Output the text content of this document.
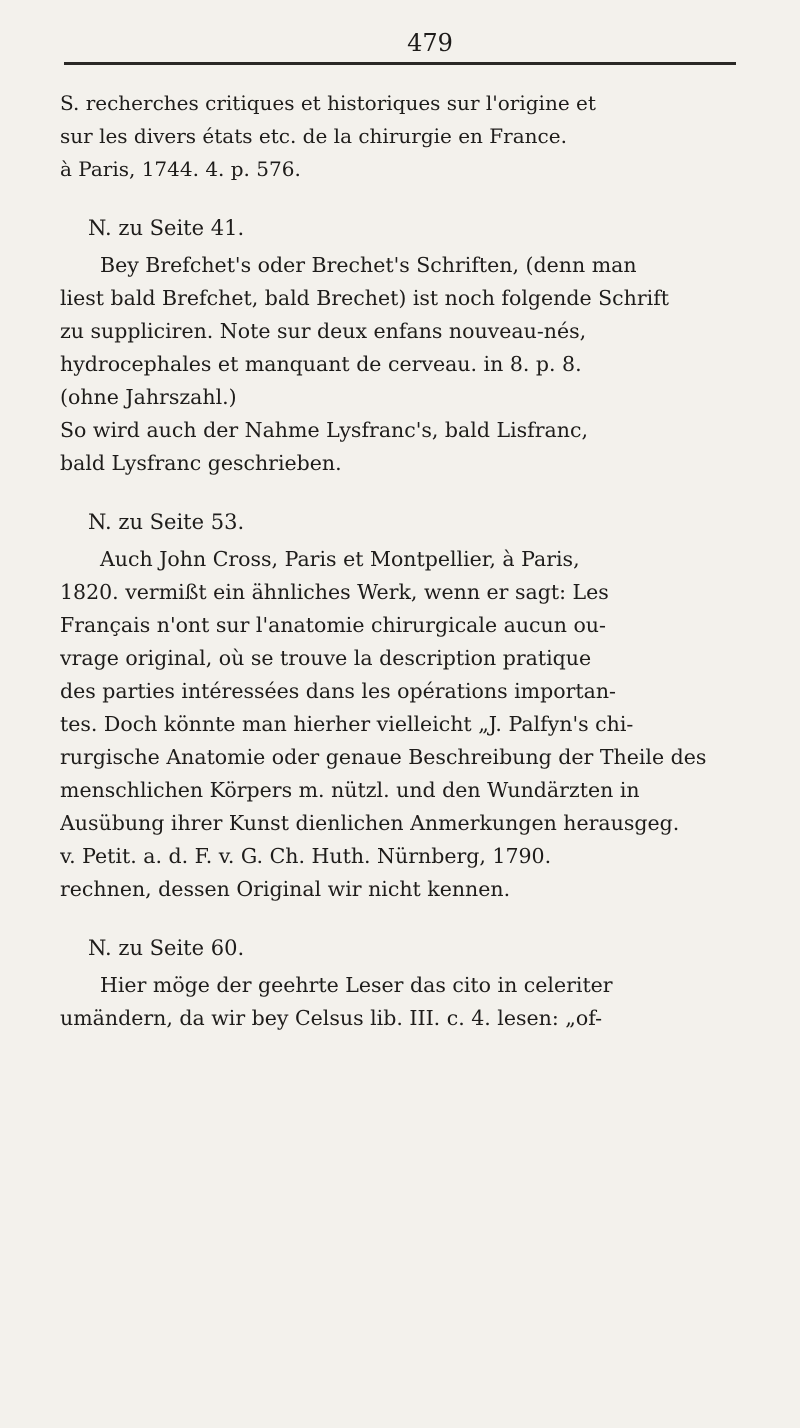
479
S. recherches critiques et historiques sur l'origine et
sur les divers états etc. de la chirurgie en France.
à Paris, 1744. 4. p. 576.
N. zu Seite 41.
Bey Brefchet's oder Brechet's Schriften, (denn man
liest bald Brefchet, bald Brechet) ist noch folgende Schrift
zu suppliciren. Note sur deux enfans nouveau-nés,
hydrocephales et manquant de cerveau. in 8. p. 8.
(ohne Jahrszahl.)
So wird auch der Nahme Lysfranc's, bald Lisfranc,
bald Lysfranc geschrieben.
N. zu Seite 53.
Auch John Cross, Paris et Montpellier, à Paris,
1820. vermißt ein ähnliches Werk, wenn er sagt: Les
Français n'ont sur l'anatomie chirurgicale aucun ou-
vrage original, où se trouve la description pratique
des parties intéressées dans les opérations importan-
tes. Doch könnte man hierher vielleicht „J. Palfyn's chi-
rurgische Anatomie oder genaue Beschreibung der Theile des
menschlichen Körpers m. nützl. und den Wundärzten in
Ausübung ihrer Kunst dienlichen Anmerkungen herausgeg.
v. Petit. a. d. F. v. G. Ch. Huth. Nürnberg, 1790.
rechnen, dessen Original wir nicht kennen.
N. zu Seite 60.
Hier möge der geehrte Leser das cito in celeriter
umändern, da wir bey Celsus lib. III. c. 4. lesen: „of-
